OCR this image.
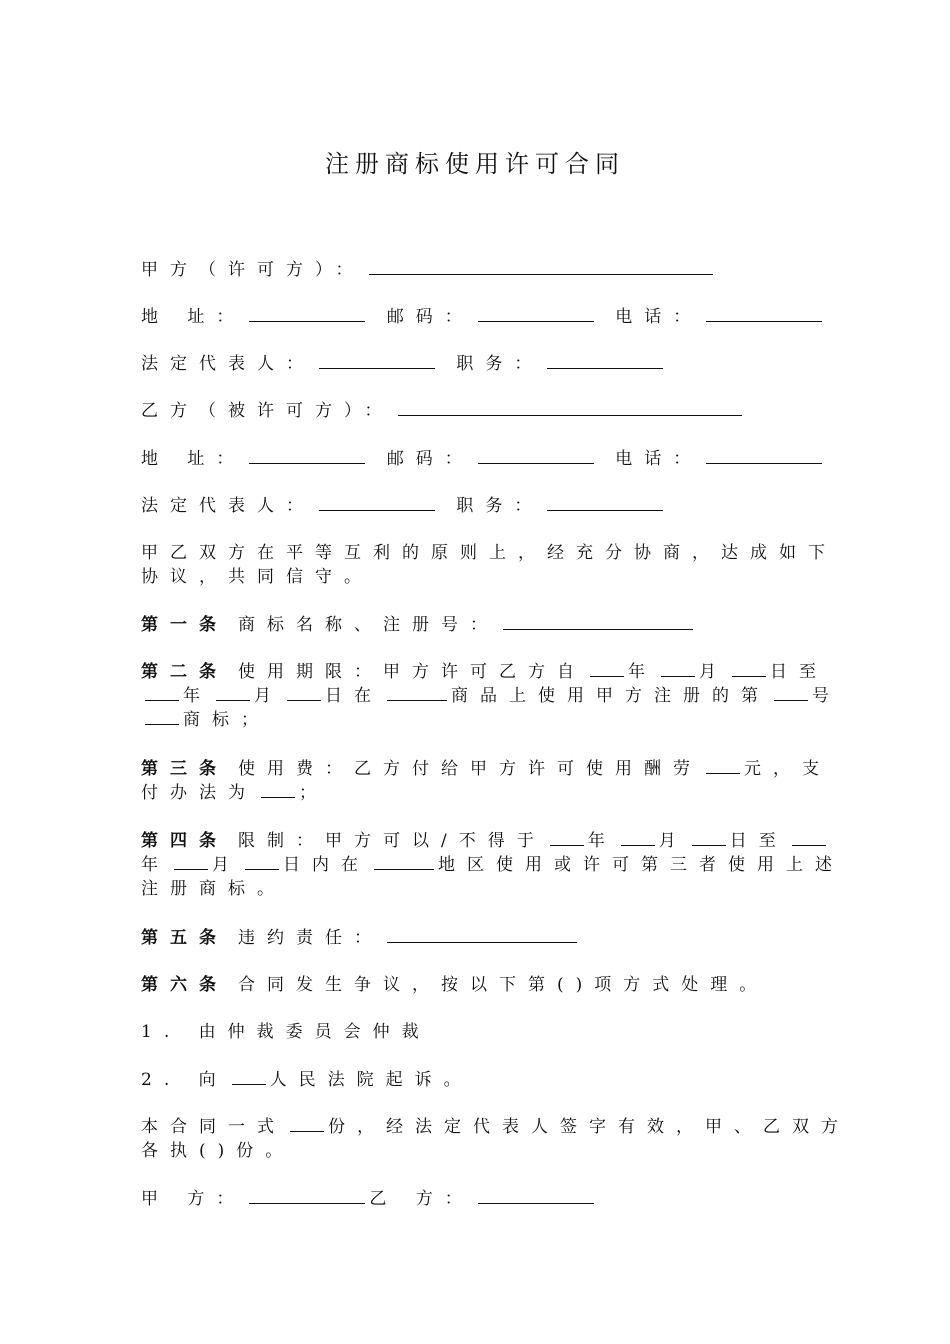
注册商标使用许可合同

甲方（许可方）：

地 址：	邮码：	电话：

法定代表人：	职务：

乙方（被许可方）：

地 址：	邮码：	电话：

法定代表人：	职务：

甲乙双方在平等互利的原则上，经充分协商，达成如下协议，共同信守。

第一条 商标名称、注册号：

第二条 使用期限：甲方许可乙方自 年 月 日至年 月 日在	商品上使用甲方注册的第 号商标；

第三条 使用费：乙方付给甲方许可使用酬劳 元，支付办法为 ；

第四条 限制：甲方可以/不得于 年 月 日至年 月 日内在	地区使用或许可第三者使用上述注册商标。

第五条 违约责任：

第六条 合同发生争议，按以下第()项方式处理。

1. 由仲裁委员会仲裁

2. 向 人民法院起诉。

本合同一式 份，经法定代表人签字有效，甲、乙双方各执()份。

甲 方：	乙 方：
